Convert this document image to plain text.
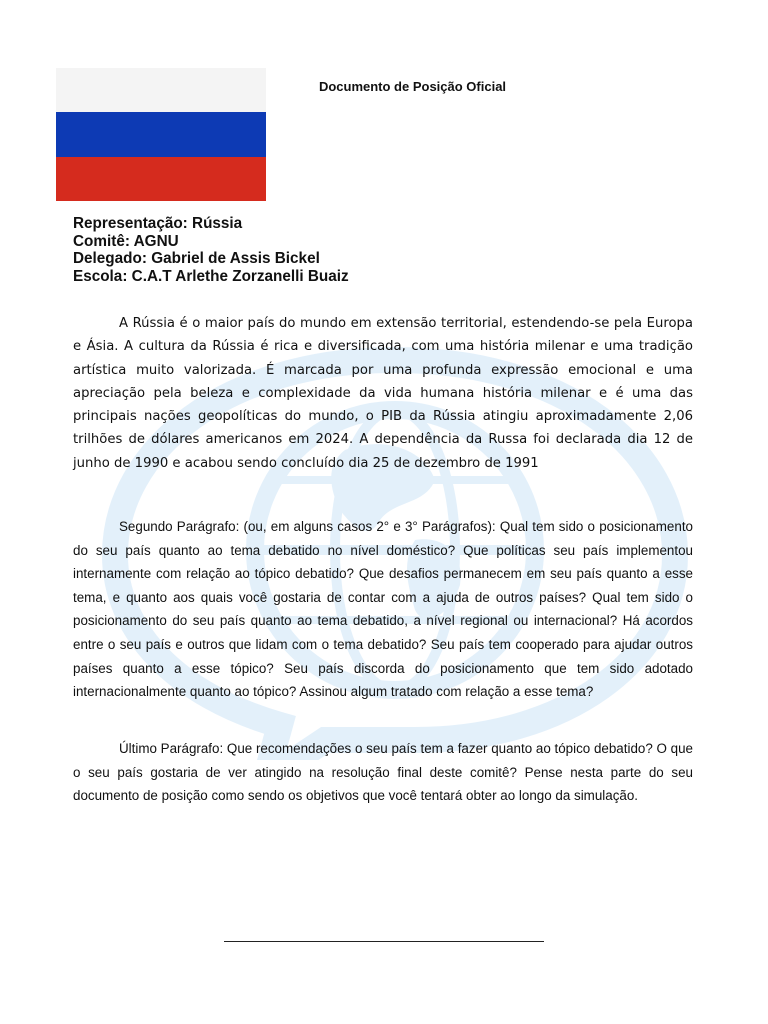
Documento de Posição Oficial
Representação: Rússia
Comitê: AGNU
Delegado: Gabriel de Assis Bickel
Escola: C.A.T Arlethe Zorzanelli Buaiz

A Rússia é o maior país do mundo em extensão territorial, estendendo-se pela Europa e Ásia. A cultura da Rússia é rica e diversificada, com uma história milenar e uma tradição artística muito valorizada. É marcada por uma profunda expressão emocional e uma apreciação pela beleza e complexidade da vida humana história milenar e é uma das principais nações geopolíticas do mundo, o PIB da Rússia atingiu aproximadamente 2,06 trilhões de dólares americanos em 2024. A dependência da Russa foi declarada dia 12 de junho de 1990 e acabou sendo concluído dia 25 de dezembro de 1991

Segundo Parágrafo: (ou, em alguns casos 2° e 3° Parágrafos): Qual tem sido o posicionamento do seu país quanto ao tema debatido no nível doméstico? Que políticas seu país implementou internamente com relação ao tópico debatido? Que desafios permanecem em seu país quanto a esse tema, e quanto aos quais você gostaria de contar com a ajuda de outros países? Qual tem sido o posicionamento do seu país quanto ao tema debatido, a nível regional ou internacional? Há acordos entre o seu país e outros que lidam com o tema debatido? Seu país tem cooperado para ajudar outros países quanto a esse tópico? Seu país discorda do posicionamento que tem sido adotado internacionalmente quanto ao tópico? Assinou algum tratado com relação a esse tema?

Último Parágrafo: Que recomendações o seu país tem a fazer quanto ao tópico debatido? O que o seu país gostaria de ver atingido na resolução final deste comitê? Pense nesta parte do seu documento de posição como sendo os objetivos que você tentará obter ao longo da simulação.
